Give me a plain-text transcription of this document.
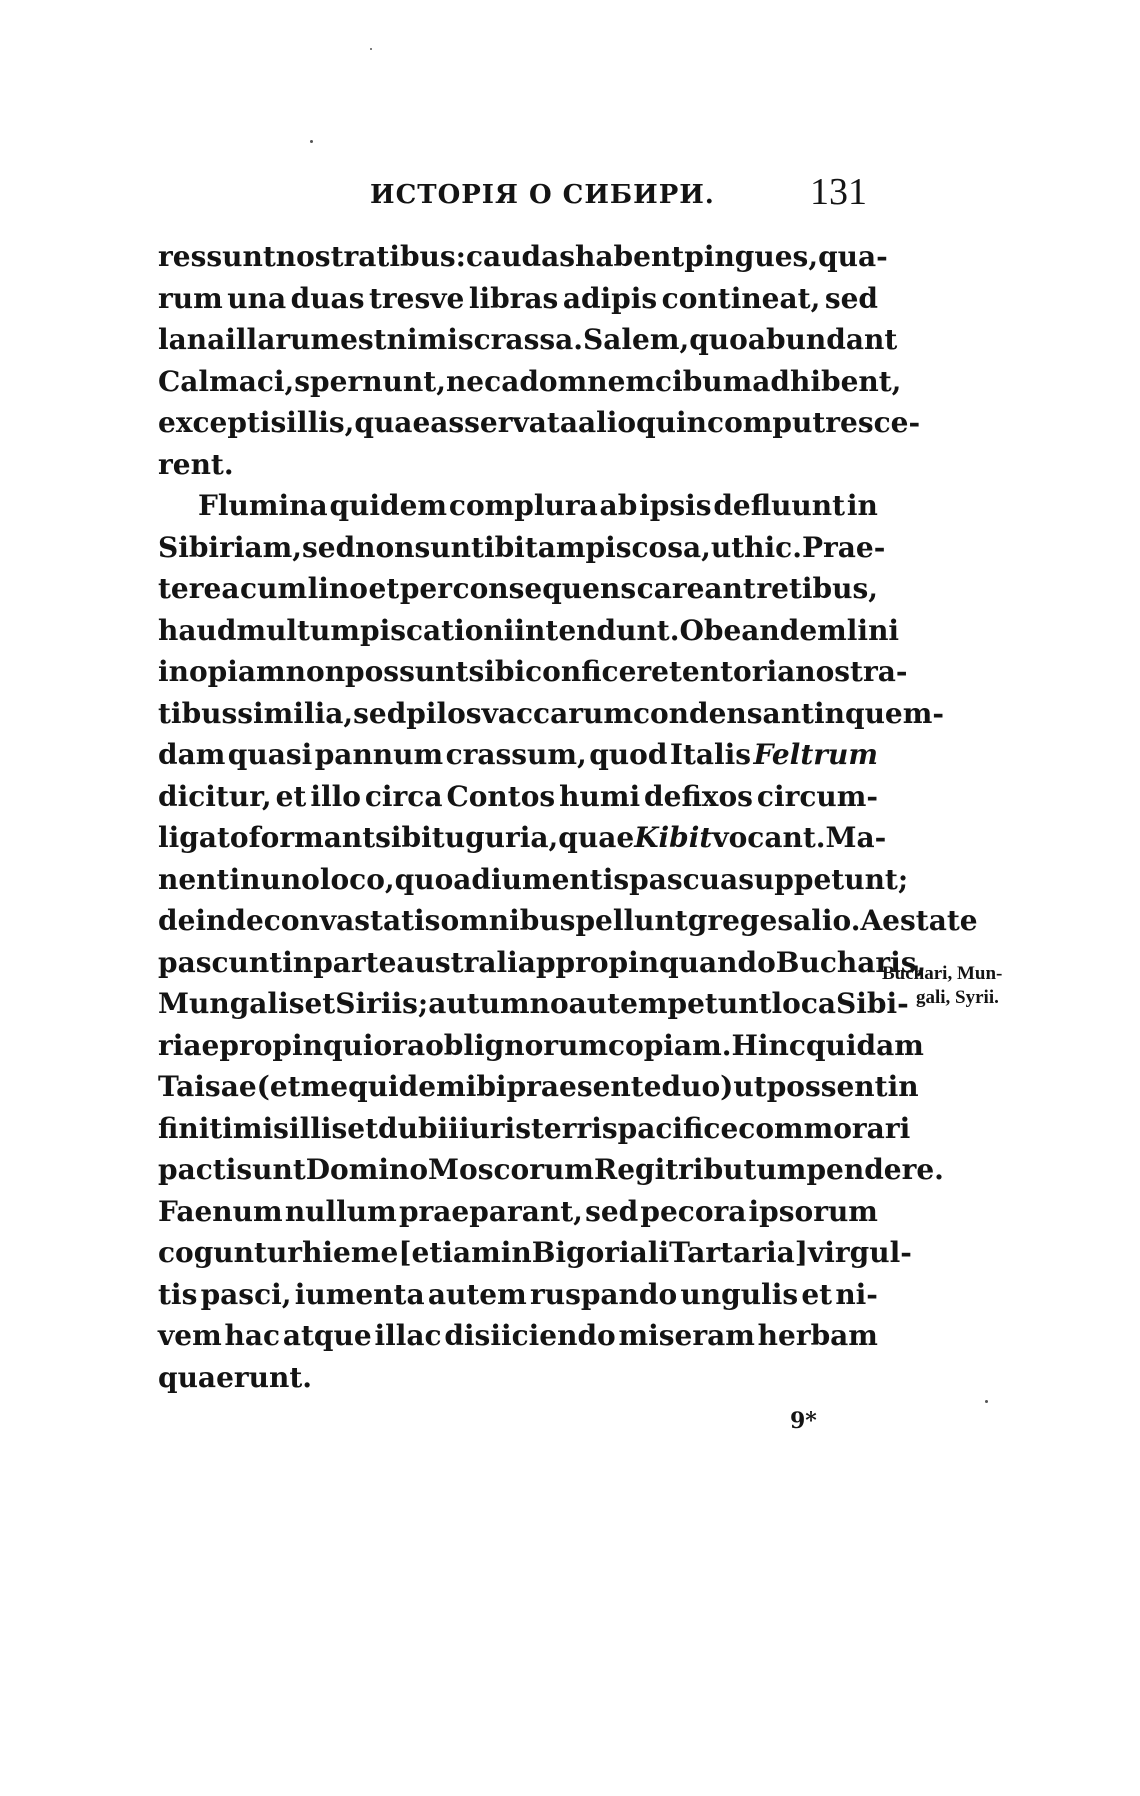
ИСТОРІЯ О СИБИРИ.	131
res sunt nostratibus: caudas habent pingues, qua-
rum una duas tresve libras adipis contineat, sed
lana illarum est nimis crassa. Salem, quo abundant
Calmaci, spernunt, nec ad omnem cibum adhibent,
exceptis illis, quae asservata alioquin computresce-
rent.
Flumina quidem complura ab ipsis defluunt in
Sibiriam, sed non sunt ibi tam piscosa, ut hic. Prae-
terea cum lino et per consequens careant retibus,
haud multum piscationi intendunt. Ob eandem lini
inopiam non possunt sibi conficere tentoria nostra-
tibus similia, sed pilos vaccarum condensant in quem-
dam quasi pannum crassum, quod Italis Feltrum
dicitur, et illo circa Contos humi defixos circum-
ligato formant sibi tuguria, quae Kibit vocant. Ma-
nent in uno loco, quoad iumentis pascua suppetunt;
deinde convastatis omnibus pellunt greges alio. Aestate
pascunt in parte australi appropinquando Bucharis,
Mungalis et Siriis; autumno autem petunt loca Sibi-
riae propinquiora ob lignorum copiam. Hinc quidam
Taisae (et me quidem ibi praesente duo) ut possent in
finitimis illis et dubii iuris terris pacifice commorari
pacti sunt Domino Moscorum Regi tributum pendere.
Faenum nullum praeparant, sed pecora ipsorum
coguntur hieme [etiam in Bigoriali Tartaria] virgul-
tis pasci, iumenta autem ruspando ungulis et ni-
vem hac atque illac disiiciendo miseram herbam
quaerunt.
Buchari, Mun-
gali, Syrii.
9*
